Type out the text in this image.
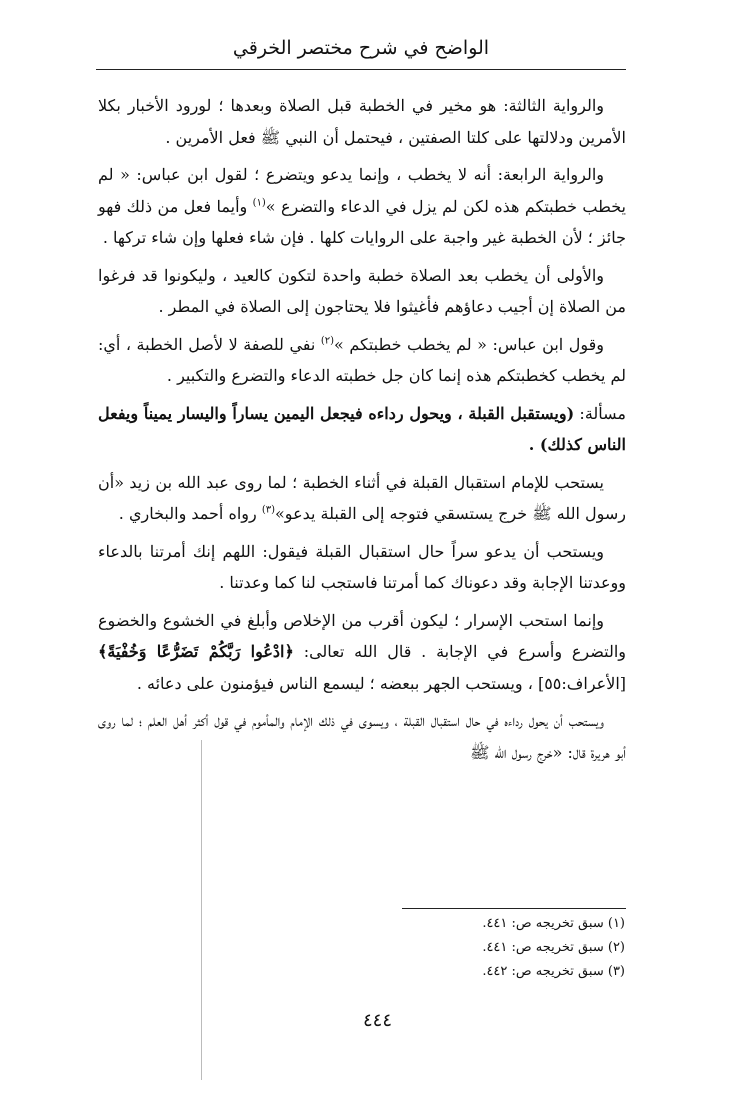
الواضح في شرح مختصر الخرقي

والرواية الثالثة: هو مخير في الخطبة قبل الصلاة وبعدها ؛ لورود الأخبار بكلا الأمرين ودلالتها على كلتا الصفتين ، فيحتمل أن النبي ﷺ فعل الأمرين .

والرواية الرابعة: أنه لا يخطب ، وإنما يدعو ويتضرع ؛ لقول ابن عباس: « لم يخطب خطبتكم هذه لكن لم يزل في الدعاء والتضرع »$^{(١)}$ وأيما فعل من ذلك فهو جائز ؛ لأن الخطبة غير واجبة على الروايات كلها . فإن شاء فعلها وإن شاء تركها .

والأولى أن يخطب بعد الصلاة خطبة واحدة لتكون كالعيد ، وليكونوا قد فرغوا من الصلاة إن أجيب دعاؤهم فأغيثوا فلا يحتاجون إلى الصلاة في المطر .

وقول ابن عباس: « لم يخطب خطبتكم »$^{(٢)}$ نفي للصفة لا لأصل الخطبة ، أي: لم يخطب كخطبتكم هذه إنما كان جل خطبته الدعاء والتضرع والتكبير .

مسألة: (ويستقبل القبلة ، ويحول رداءه فيجعل اليمين يساراً واليسار يميناً ويفعل الناس كذلك) .

يستحب للإمام استقبال القبلة في أثناء الخطبة ؛ لما روى عبد الله بن زيد «أن رسول الله ﷺ خرج يستسقي فتوجه إلى القبلة يدعو»$^{(٣)}$ رواه أحمد والبخاري .

ويستحب أن يدعو سراً حال استقبال القبلة فيقول: اللهم إنك أمرتنا بالدعاء ووعدتنا الإجابة وقد دعوناك كما أمرتنا فاستجب لنا كما وعدتنا .

وإنما استحب الإسرار ؛ ليكون أقرب من الإخلاص وأبلغ في الخشوع والخضوع والتضرع وأسرع في الإجابة . قال الله تعالى: ﴿ادْعُوا رَبَّكُمْ تَضَرُّعًا وَخُفْيَةً﴾ [الأعراف:٥٥] ، ويستحب الجهر ببعضه ؛ ليسمع الناس فيؤمنون على دعائه .

ويستحب أن يحول رداءه في حال استقبال القبلة ، ويسوى في ذلك الإمام والمأموم في قول أكثر أهل العلم ؛ لما روى أبو هريرة قال: «خرج رسول الله ﷺ

(١) سبق تخريجه ص: ٤٤١.
(٢) سبق تخريجه ص: ٤٤١.
(٣) سبق تخريجه ص: ٤٤٢.
٤٤٤
